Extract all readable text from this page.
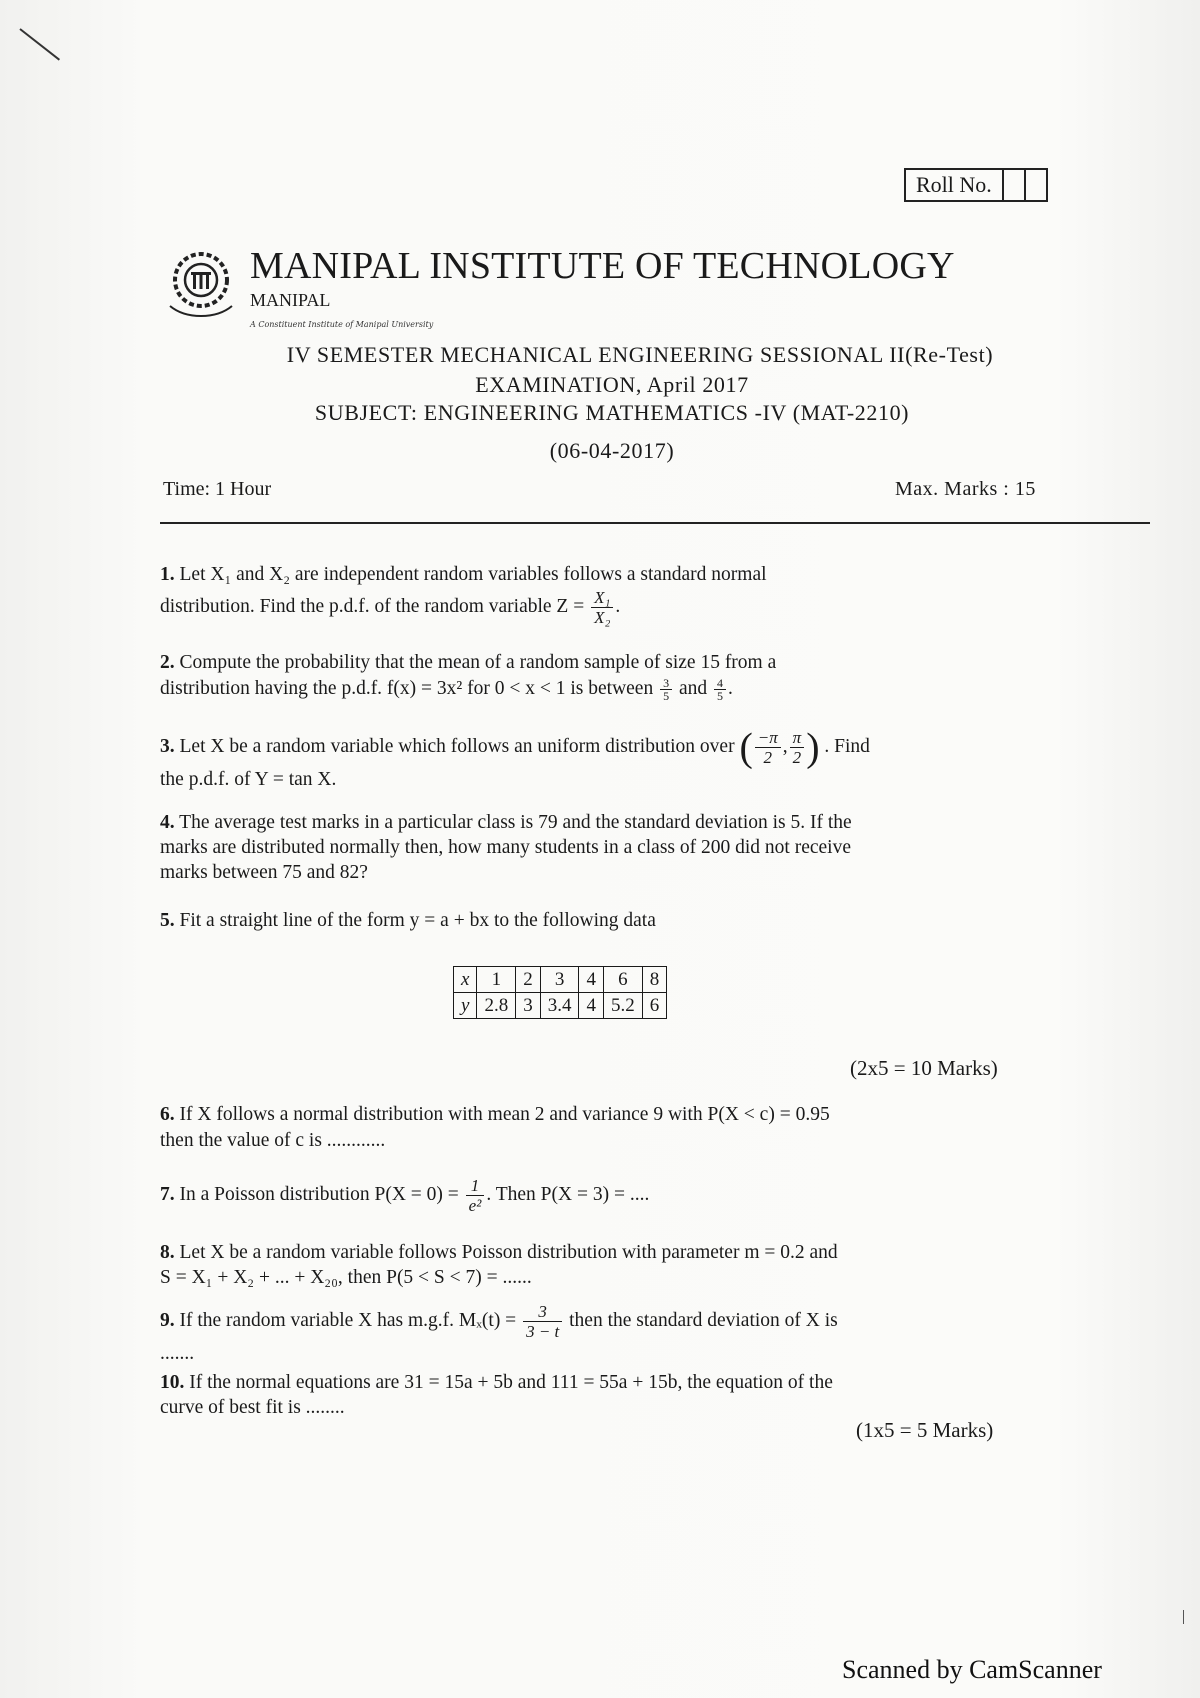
Roll No.
MANIPAL INSTITUTE OF TECHNOLOGY
MANIPAL
A Constituent Institute of Manipal University
IV SEMESTER MECHANICAL ENGINEERING SESSIONAL II(Re-Test)
EXAMINATION, April 2017
SUBJECT: ENGINEERING MATHEMATICS -IV (MAT-2210)
(06-04-2017)
Time: 1 Hour	Max. Marks : 15
1. Let X₁ and X₂ are independent random variables follows a standard normal
distribution. Find the p.d.f. of the random variable $Z = \frac{\text{X₁}}{\text{X₂}}$ .
2. Compute the probability that the mean of a random sample of size 15 from a
distribution having the p.d.f. f(x) = 3x² for 0 < x < 1 is between $\frac{3}{5}$ and $\frac{4}{5}$ .
3. Let X be a random variable which follows an uniform distribution over ( $\frac{-\pi}{2}$ , $\frac{\pi}{2}$ ) . Find
the p.d.f. of Y = tan X.
4. The average test marks in a particular class is 79 and the standard deviation is 5. If the
marks are distributed normally then, how many students in a class of 200 did not receive
marks between 75 and 82?
5. Fit a straight line of the form y = a + bx to the following data
x	1	2	3	4	6	8
y	2.8	3	3.4	4	5.2	6
(2x5 = 10 Marks)
6. If X follows a normal distribution with mean 2 and variance 9 with P(X < c) = 0.95
then the value of c is ............
7. In a Poisson distribution $P(X = 0) = \frac{1}{\text{e²}}$ . Then P(X = 3) = ....
8. Let X be a random variable follows Poisson distribution with parameter m = 0.2 and
S = X₁ + X₂ + ... + X₂₀, then P(5 < S < 7) = ......
9. If the random variable X has m.g.f. $M_x(t) = \frac{3}{3 - t}$ then the standard deviation of X is
.......
10. If the normal equations are 31 = 15a + 5b and 111 = 55a + 15b, the equation of the
curve of best fit is ........
(1x5 = 5 Marks)
Scanned by CamScanner
